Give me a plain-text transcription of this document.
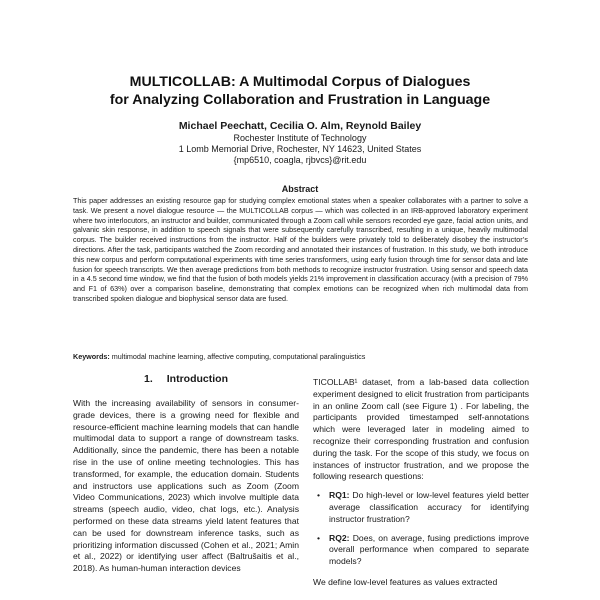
MULTICOLLAB: A Multimodal Corpus of Dialogues
for Analyzing Collaboration and Frustration in Language
Michael Peechatt, Cecilia O. Alm, Reynold Bailey
Rochester Institute of Technology
1 Lomb Memorial Drive, Rochester, NY 14623, United States
{mp6510, coagla, rjbvcs}@rit.edu
Abstract
This paper addresses an existing resource gap for studying complex emotional states when a speaker collaborates with a partner to solve a task. We present a novel dialogue resource — the MULTICOLLAB corpus — which was collected in an IRB-approved laboratory experiment where two interlocutors, an instructor and builder, communicated through a Zoom call while sensors recorded eye gaze, facial action units, and galvanic skin response, in addition to speech signals that were subsequently carefully transcribed, resulting in a unique, heavily multimodal corpus. The builder received instructions from the instructor. Half of the builders were privately told to deliberately disobey the instructor’s directions. After the task, participants watched the Zoom recording and annotated their instances of frustration. In this study, we both introduce this new corpus and perform computational experiments with time series transformers, using early fusion through time for sensor data and late fusion for speech transcripts. We then average predictions from both methods to recognize instructor frustration. Using sensor and speech data in a 4.5 second time window, we find that the fusion of both models yields 21% improvement in classification accuracy (with a precision of 79% and F1 of 63%) over a comparison baseline, demonstrating that complex emotions can be recognized when rich multimodal data from transcribed spoken dialogue and biophysical sensor data are fused.
Keywords: multimodal machine learning, affective computing, computational paralinguistics
1. Introduction
With the increasing availability of sensors in consumer-grade devices, there is a growing need for flexible and resource-efficient machine learning models that can handle multimodal data to support a range of downstream tasks. Additionally, since the pandemic, there has been a notable rise in the use of online meeting technologies. This has transformed, for example, the education domain. Students and instructors use applications such as Zoom (Zoom Video Communications, 2023) which involve multiple data streams (speech audio, video, chat logs, etc.). Analysis performed on these data streams yield latent features that can be used for downstream inference tasks, such as prioritizing information discussed (Cohen et al., 2021; Amin et al., 2022) or identifying user affect (Baltrušaitis et al., 2018). As human-human interaction devices
TICOLLAB¹ dataset, from a lab-based data collection experiment designed to elicit frustration from participants in an online Zoom call (see Figure 1) . For labeling, the participants provided timestamped self-annotations which were leveraged later in modeling aimed to recognize their corresponding frustration and confusion during the task. For the scope of this study, we focus on instances of instructor frustration, and we propose the following research questions:
• RQ1: Do high-level or low-level features yield better average classification accuracy for identifying instructor frustration?
• RQ2: Does, on average, fusing predictions improve overall performance when compared to separate models?
We define low-level features as values extracted
